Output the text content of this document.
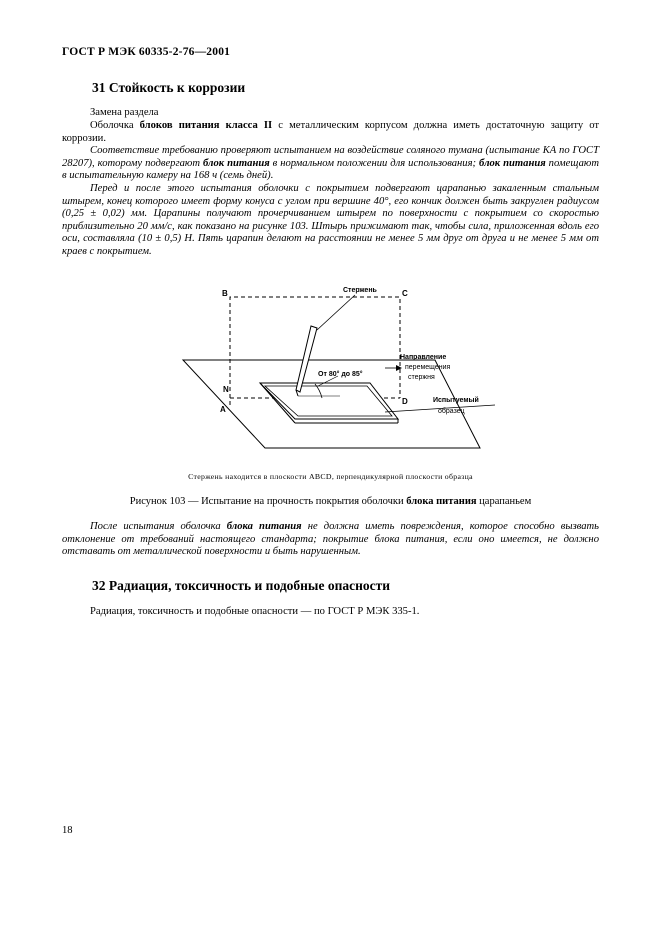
ГОСТ Р МЭК 60335-2-76—2001
31 Стойкость к коррозии

Замена раздела

Оболочка блоков питания класса II с металлическим корпусом должна иметь достаточную защиту от коррозии.

Соответствие требованию проверяют испытанием на воздействие соляного тумана (испытание КА по ГОСТ 28207), которому подвергают блок питания в нормальном положении для использования; блок питания помещают в испытательную камеру на 168 ч (семь дней).

Перед и после этого испытания оболочки с покрытием подвергают царапанью закаленным стальным штырем, конец которого имеет форму конуса с углом при вершине 40°, его кончик должен быть закруглен радиусом (0,25 ± 0,02) мм. Царапины получают прочерчиванием штырем по поверхности с покрытием со скоростью приблизительно 20 мм/с, как показано на рисунке 103. Штырь прижимают так, чтобы сила, приложенная вдоль его оси, составляла (10 ± 0,5) Н. Пять царапин делают на расстоянии не менее 5 мм друг от друга и не менее 5 мм от краев с покрытием.

B	C
N
A
D
Стержень
От 80° до 85°
Направление
перемещения
стержня
Испытуемый
образец
Стержень находится в плоскости ABCD, перпендикулярной плоскости образца
Рисунок 103 — Испытание на прочность покрытия оболочки блока питания царапаньем

После испытания оболочка блока питания не должна иметь повреждения, которое способно вызвать отклонение от требований настоящего стандарта; покрытие блока питания, если оно имеется, не должно отставать от металлической поверхности и быть нарушенным.

32 Радиация, токсичность и подобные опасности

Радиация, токсичность и подобные опасности — по ГОСТ Р МЭК 335-1.

18
